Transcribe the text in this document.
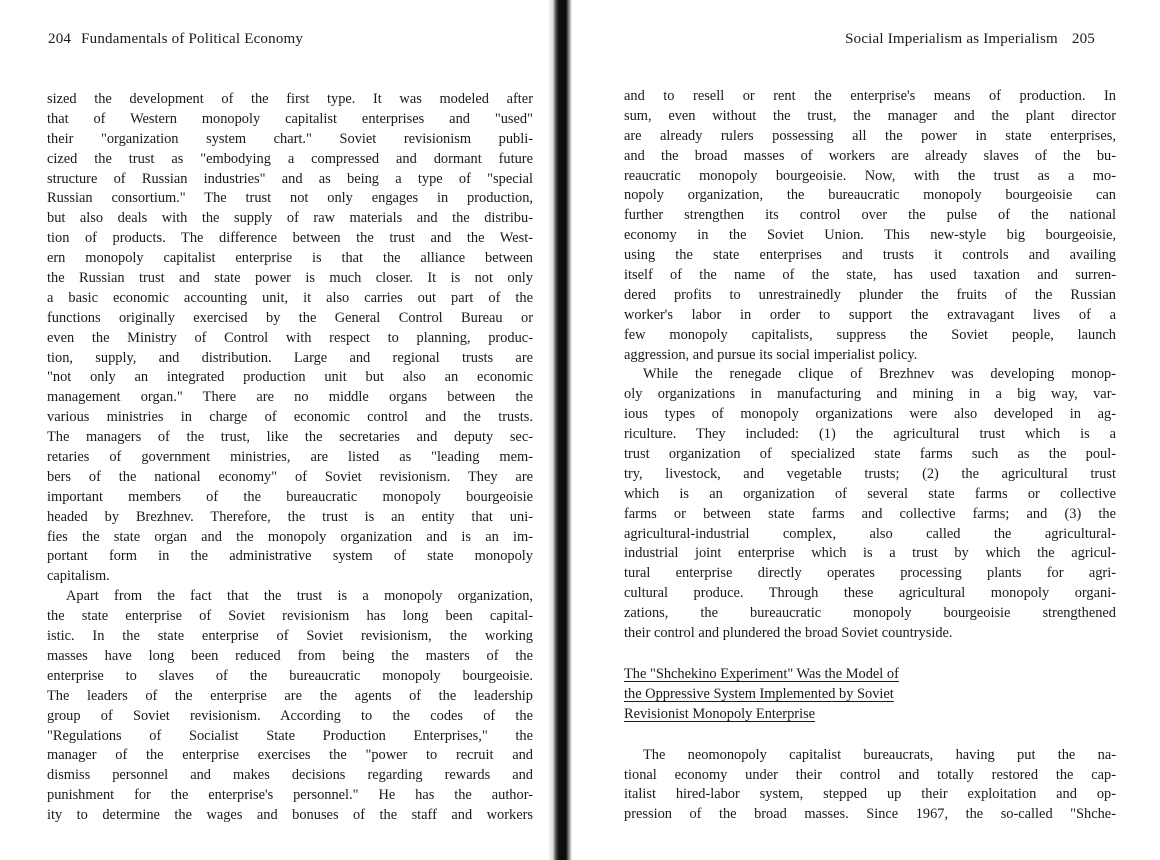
204 Fundamentals of Political Economy
sized the development of the first type. It was modeled after
that of Western monopoly capitalist enterprises and "used"
their "organization system chart." Soviet revisionism publi-
cized the trust as "embodying a compressed and dormant future
structure of Russian industries" and as being a type of "special
Russian consortium." The trust not only engages in production,
but also deals with the supply of raw materials and the distribu-
tion of products. The difference between the trust and the West-
ern monopoly capitalist enterprise is that the alliance between
the Russian trust and state power is much closer. It is not only
a basic economic accounting unit, it also carries out part of the
functions originally exercised by the General Control Bureau or
even the Ministry of Control with respect to planning, produc-
tion, supply, and distribution. Large and regional trusts are
"not only an integrated production unit but also an economic
management organ." There are no middle organs between the
various ministries in charge of economic control and the trusts.
The managers of the trust, like the secretaries and deputy sec-
retaries of government ministries, are listed as "leading mem-
bers of the national economy" of Soviet revisionism. They are
important members of the bureaucratic monopoly bourgeoisie
headed by Brezhnev. Therefore, the trust is an entity that uni-
fies the state organ and the monopoly organization and is an im-
portant form in the administrative system of state monopoly
capitalism.
Apart from the fact that the trust is a monopoly organization,
the state enterprise of Soviet revisionism has long been capital-
istic. In the state enterprise of Soviet revisionism, the working
masses have long been reduced from being the masters of the
enterprise to slaves of the bureaucratic monopoly bourgeoisie.
The leaders of the enterprise are the agents of the leadership
group of Soviet revisionism. According to the codes of the
"Regulations of Socialist State Production Enterprises," the
manager of the enterprise exercises the "power to recruit and
dismiss personnel and makes decisions regarding rewards and
punishment for the enterprise's personnel." He has the author-
ity to determine the wages and bonuses of the staff and workers
Social Imperialism as Imperialism 205
and to resell or rent the enterprise's means of production. In
sum, even without the trust, the manager and the plant director
are already rulers possessing all the power in state enterprises,
and the broad masses of workers are already slaves of the bu-
reaucratic monopoly bourgeoisie. Now, with the trust as a mo-
nopoly organization, the bureaucratic monopoly bourgeoisie can
further strengthen its control over the pulse of the national
economy in the Soviet Union. This new-style big bourgeoisie,
using the state enterprises and trusts it controls and availing
itself of the name of the state, has used taxation and surren-
dered profits to unrestrainedly plunder the fruits of the Russian
worker's labor in order to support the extravagant lives of a
few monopoly capitalists, suppress the Soviet people, launch
aggression, and pursue its social imperialist policy.
While the renegade clique of Brezhnev was developing monop-
oly organizations in manufacturing and mining in a big way, var-
ious types of monopoly organizations were also developed in ag-
riculture. They included: (1) the agricultural trust which is a
trust organization of specialized state farms such as the poul-
try, livestock, and vegetable trusts; (2) the agricultural trust
which is an organization of several state farms or collective
farms or between state farms and collective farms; and (3) the
agricultural-industrial complex, also called the agricultural-
industrial joint enterprise which is a trust by which the agricul-
tural enterprise directly operates processing plants for agri-
cultural produce. Through these agricultural monopoly organi-
zations, the bureaucratic monopoly bourgeoisie strengthened
their control and plundered the broad Soviet countryside.
The "Shchekino Experiment" Was the Model of
the Oppressive System Implemented by Soviet
Revisionist Monopoly Enterprise
The neomonopoly capitalist bureaucrats, having put the na-
tional economy under their control and totally restored the cap-
italist hired-labor system, stepped up their exploitation and op-
pression of the broad masses. Since 1967, the so-called "Shche-
